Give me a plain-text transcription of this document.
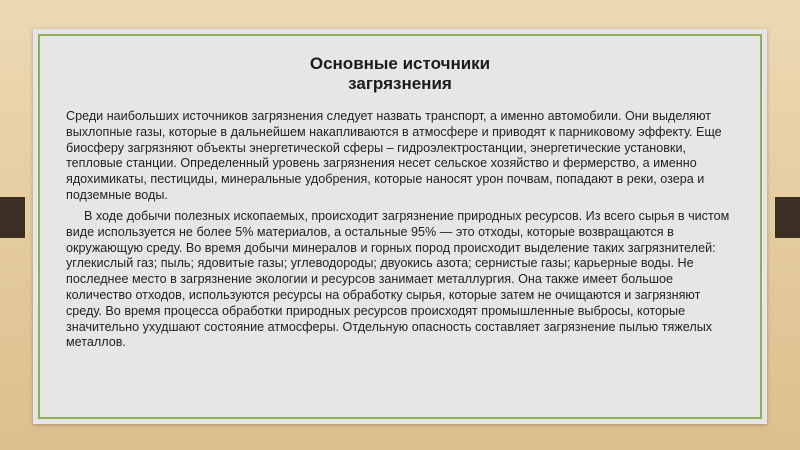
Основные источники
загрязнения

Среди наибольших источников загрязнения следует назвать транспорт, а именно автомобили. Они выделяют выхлопные газы, которые в дальнейшем накапливаются в атмосфере и приводят к парниковому эффекту. Еще биосферу загрязняют объекты энергетической сферы – гидроэлектростанции, энергетические установки, тепловые станции. Определенный уровень загрязнения несет сельское хозяйство и фермерство, а именно ядохимикаты, пестициды, минеральные удобрения, которые наносят урон почвам, попадают в реки, озера и подземные воды.

В ходе добычи полезных ископаемых, происходит загрязнение природных ресурсов. Из всего сырья в чистом виде используется не более 5% материалов, а остальные 95% — это отходы, которые возвращаются в окружающую среду. Во время добычи минералов и горных пород происходит выделение таких загрязнителей: углекислый газ; пыль; ядовитые газы; углеводороды; двуокись азота; сернистые газы; карьерные воды. Не последнее место в загрязнение экологии и ресурсов занимает металлургия. Она также имеет большое количество отходов, используются ресурсы на обработку сырья, которые затем не очищаются и загрязняют среду. Во время процесса обработки природных ресурсов происходят промышленные выбросы, которые значительно ухудшают состояние атмосферы. Отдельную опасность составляет загрязнение пылью тяжелых металлов.
